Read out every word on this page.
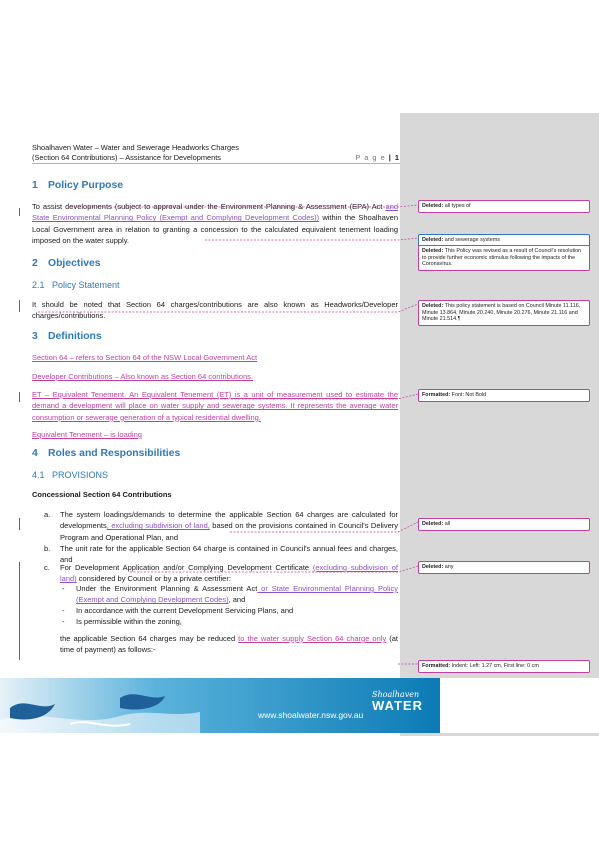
Shoalhaven Water – Water and Sewerage Headworks Charges
(Section 64 Contributions) – Assistance for Developments	P a g e | 1
1 Policy Purpose
To assist developments (subject to approval under the Environment Planning & Assessment (EPA) Act and State Environmental Planning Policy (Exempt and Complying Development Codes)) within the Shoalhaven Local Government area in relation to granting a concession to the calculated equivalent tenement loading imposed on the water supply.
2 Objectives
2.1 Policy Statement
It should be noted that Section 64 charges/contributions are also known as Headworks/Developer charges/contributions.
3 Definitions
Section 64 – refers to Section 64 of the NSW Local Government Act
Developer Contributions – Also known as Section 64 contributions.
ET – Equivalent Tenement. An Equivalent Tenement (ET) is a unit of measurement used to estimate the demand a development will place on water supply and sewerage systems. It represents the average water consumption or sewerage generation of a typical residential dwelling.
Equivalent Tenement – is loading
4 Roles and Responsibilities
4.1 PROVISIONS
Concessional Section 64 Contributions
a. The system loadings/demands to determine the applicable Section 64 charges are calculated for developments, excluding subdivision of land, based on the provisions contained in Council's Delivery Program and Operational Plan, and
b. The unit rate for the applicable Section 64 charge is contained in Council's annual fees and charges, and
c. For Development Application and/or Complying Development Certificate (excluding subdivision of land) considered by Council or by a private certifier:
- Under the Environment Planning & Assessment Act or State Environmental Planning Policy (Exempt and Complying Development Codes), and
- In accordance with the current Development Servicing Plans, and
- Is permissible within the zoning,
the applicable Section 64 charges may be reduced to the water supply Section 64 charge only (at time of payment) as follows:-
Deleted: all types of
Deleted: and sewerage systems
Deleted: This Policy was revised as a result of Council's resolution to provide further economic stimulus following the impacts of the Coronavirus.
Deleted: This policy statement is based on Council Minute 11.116, Minute 13.864, Minute 20.240, Minute 20.276, Minute 21.116 and Minute 21.514.¶
Formatted: Font: Not Bold
Deleted: all
Deleted: any
Formatted: Indent: Left: 1.27 cm, First line: 0 cm
www.shoalwater.nsw.gov.au
Shoalhaven
WATER
